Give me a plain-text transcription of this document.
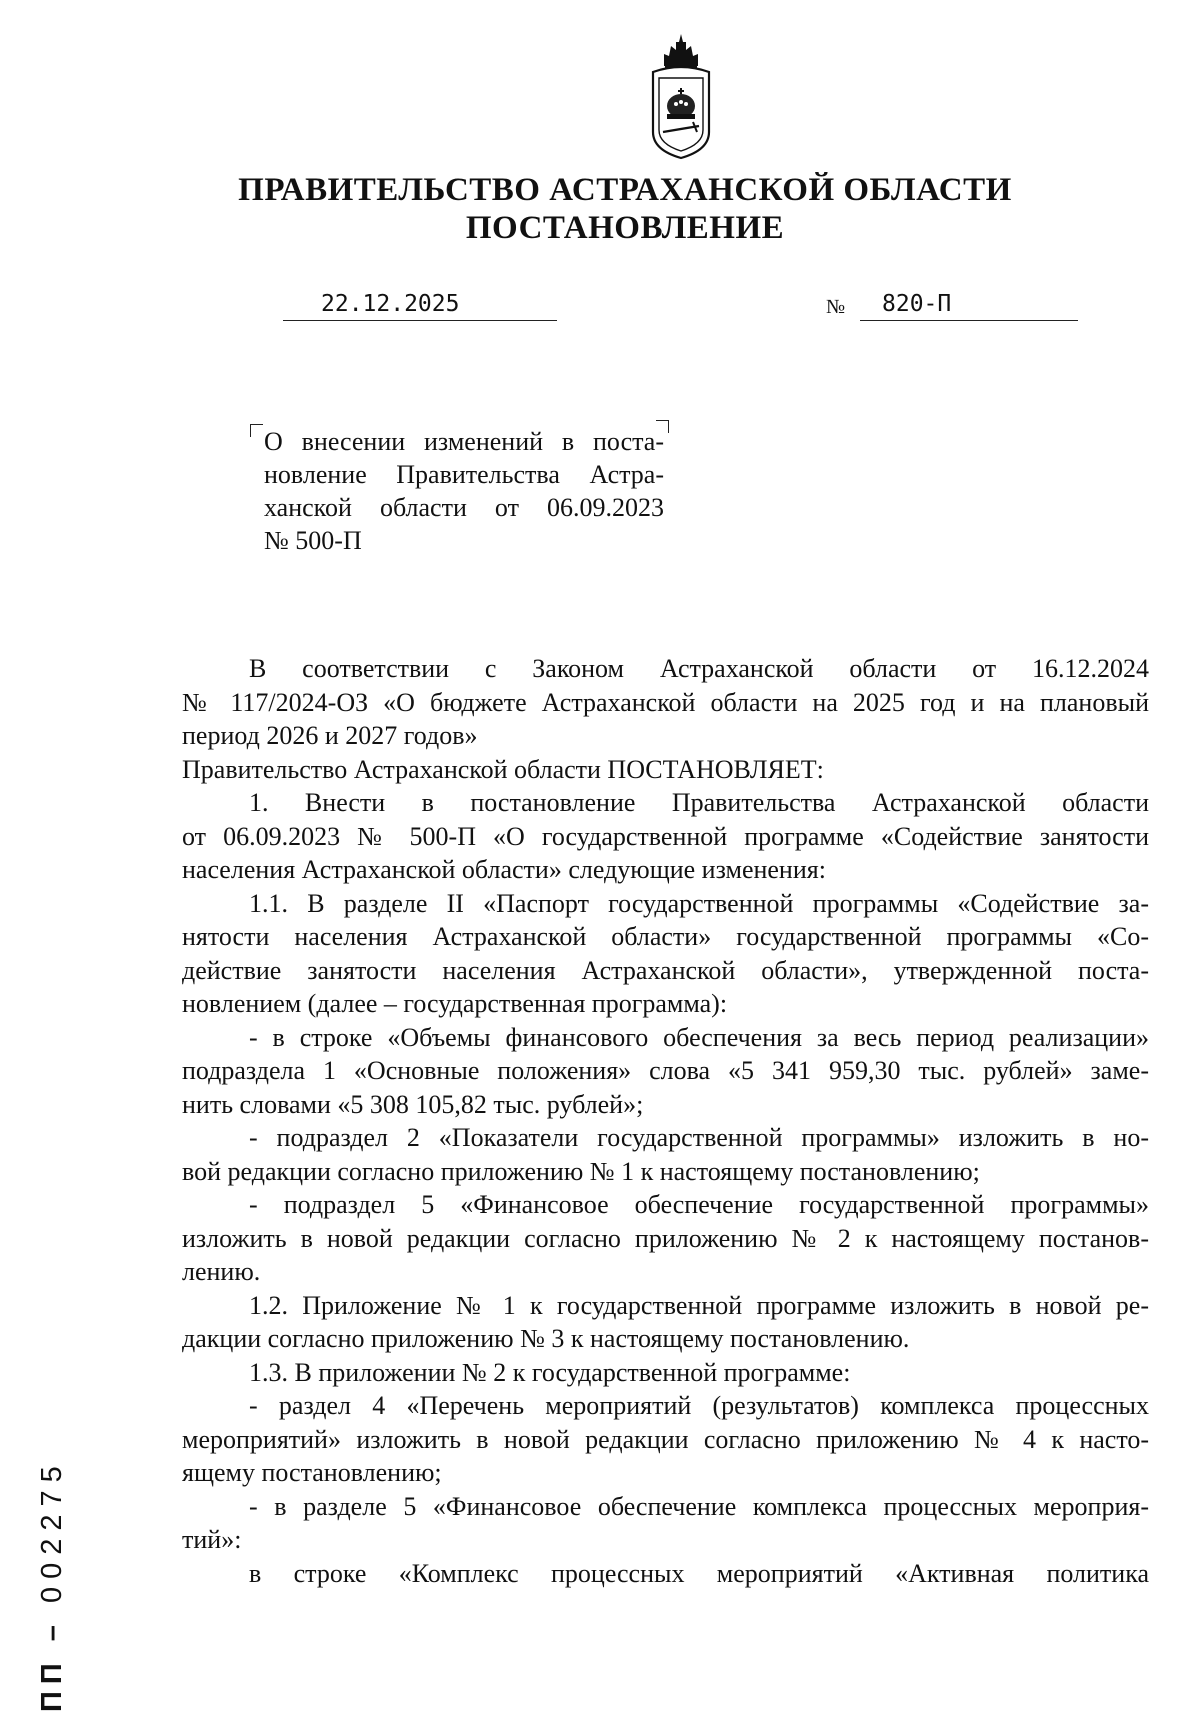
ПРАВИТЕЛЬСТВО АСТРАХАНСКОЙ ОБЛАСТИ
ПОСТАНОВЛЕНИЕ
22.12.2025	№	820-П
О внесении изменений в поста-
новление Правительства Астра-
ханской области от 06.09.2023
№ 500-П
В соответствии с Законом Астраханской области от 16.12.2024
№ 117/2024-ОЗ «О бюджете Астраханской области на 2025 год и на плановый
период 2026 и 2027 годов»
Правительство Астраханской области ПОСТАНОВЛЯЕТ:
1. Внести в постановление Правительства Астраханской области
от 06.09.2023 № 500-П «О государственной программе «Содействие занятости
населения Астраханской области» следующие изменения:
1.1. В разделе II «Паспорт государственной программы «Содействие за-
нятости населения Астраханской области» государственной программы «Со-
действие занятости населения Астраханской области», утвержденной поста-
новлением (далее – государственная программа):
- в строке «Объемы финансового обеспечения за весь период реализации»
подраздела 1 «Основные положения» слова «5 341 959,30 тыс. рублей» заме-
нить словами «5 308 105,82 тыс. рублей»;
- подраздел 2 «Показатели государственной программы» изложить в но-
вой редакции согласно приложению № 1 к настоящему постановлению;
- подраздел 5 «Финансовое обеспечение государственной программы»
изложить в новой редакции согласно приложению № 2 к настоящему постанов-
лению.
1.2. Приложение № 1 к государственной программе изложить в новой ре-
дакции согласно приложению № 3 к настоящему постановлению.
1.3. В приложении № 2 к государственной программе:
- раздел 4 «Перечень мероприятий (результатов) комплекса процессных
мероприятий» изложить в новой редакции согласно приложению № 4 к насто-
ящему постановлению;
- в разделе 5 «Финансовое обеспечение комплекса процессных мероприя-
тий»:
в строке «Комплекс процессных мероприятий «Активная политика
ПП – 002275
